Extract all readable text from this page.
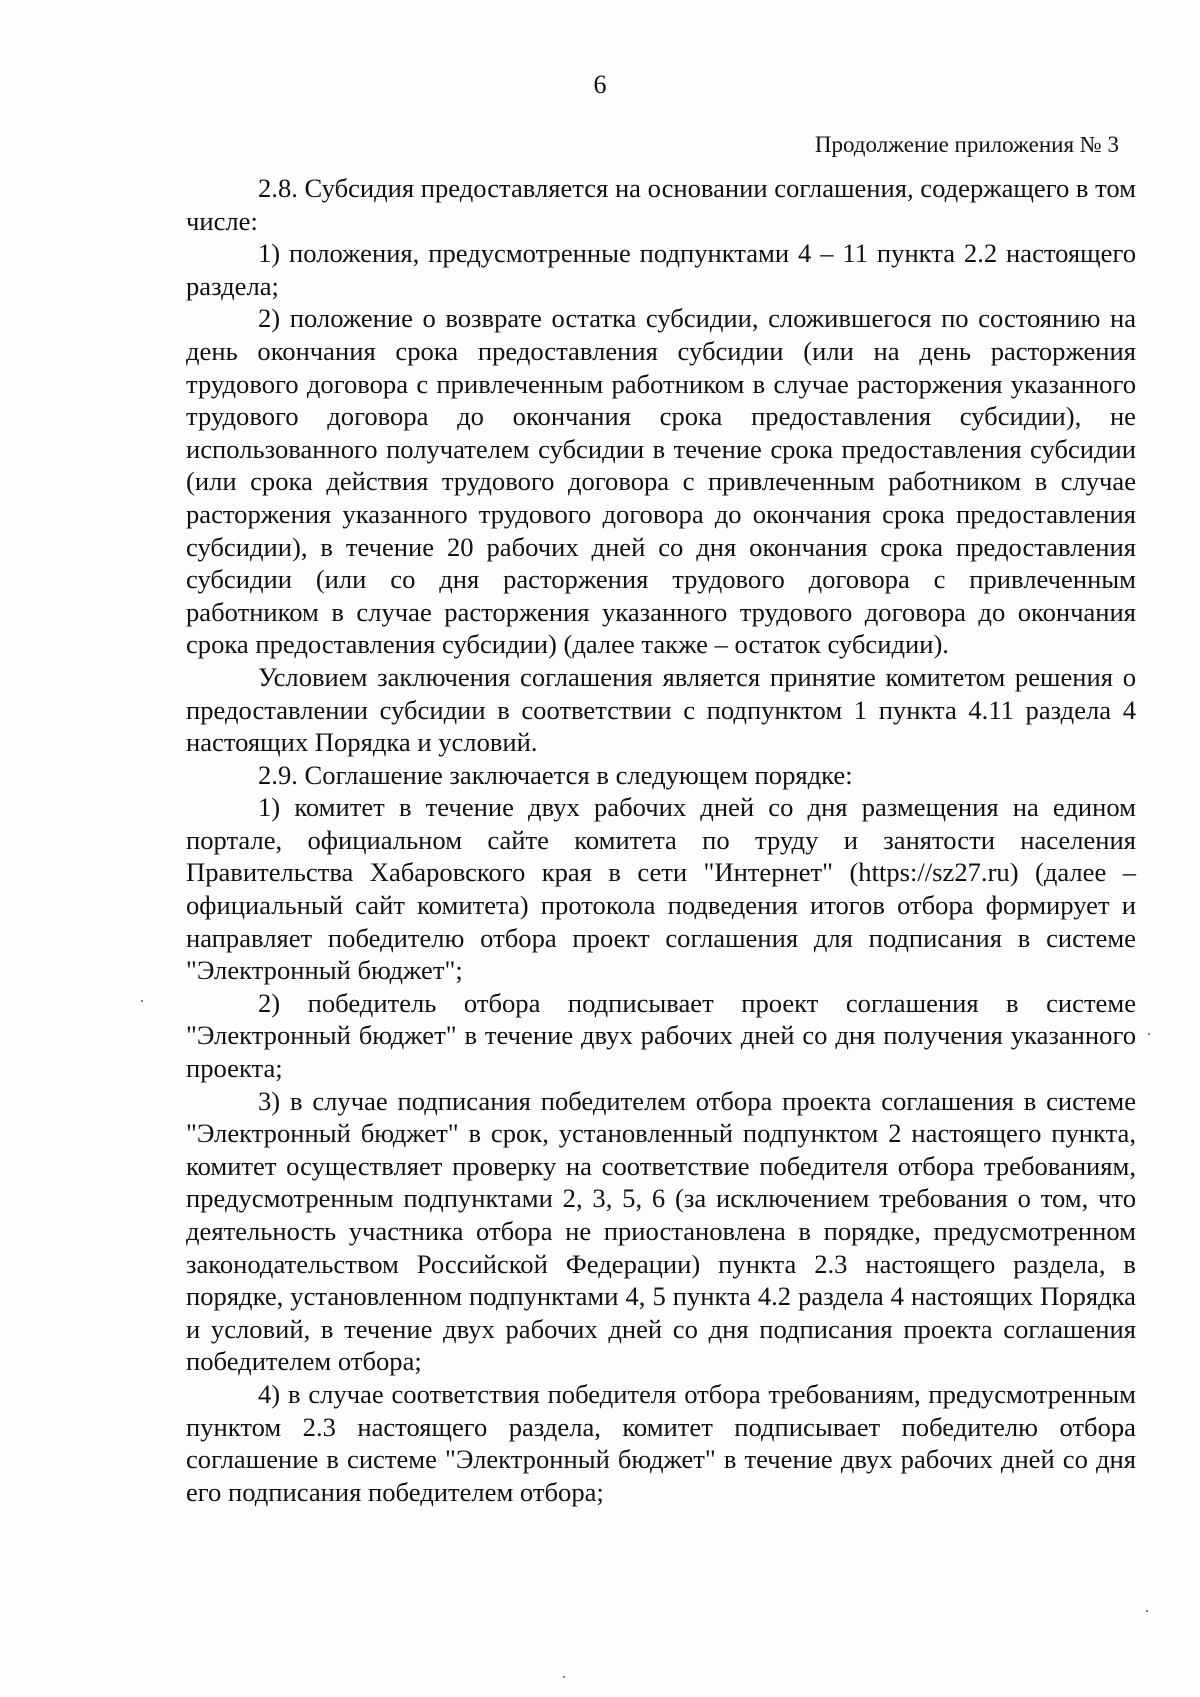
6
Продолжение приложения № 3

2.8. Субсидия предоставляется на основании соглашения, содержащего в том числе:

1) положения, предусмотренные подпунктами 4 – 11 пункта 2.2 настоящего раздела;

2) положение о возврате остатка субсидии, сложившегося по состоянию на день окончания срока предоставления субсидии (или на день расторжения трудового договора с привлеченным работником в случае расторжения указанного трудового договора до окончания срока предоставления субсидии), не использованного получателем субсидии в течение срока предоставления субсидии (или срока действия трудового договора с привлеченным работником в случае расторжения указанного трудового договора до окончания срока предоставления субсидии), в течение 20 рабочих дней со дня окончания срока предоставления субсидии (или со дня расторжения трудового договора с привлеченным работником в случае расторжения указанного трудового договора до окончания срока предоставления субсидии) (далее также – остаток субсидии).

Условием заключения соглашения является принятие комитетом решения о предоставлении субсидии в соответствии с подпунктом 1 пункта 4.11 раздела 4 настоящих Порядка и условий.

2.9. Соглашение заключается в следующем порядке:

1) комитет в течение двух рабочих дней со дня размещения на едином портале, официальном сайте комитета по труду и занятости населения Правительства Хабаровского края в сети "Интернет" (https://sz27.ru) (далее – официальный сайт комитета) протокола подведения итогов отбора формирует и направляет победителю отбора проект соглашения для подписания в системе "Электронный бюджет";

2) победитель отбора подписывает проект соглашения в системе "Электронный бюджет" в течение двух рабочих дней со дня получения указанного проекта;

3) в случае подписания победителем отбора проекта соглашения в системе "Электронный бюджет" в срок, установленный подпунктом 2 настоящего пункта, комитет осуществляет проверку на соответствие победителя отбора требованиям, предусмотренным подпунктами 2, 3, 5, 6 (за исключением требования о том, что деятельность участника отбора не приостановлена в порядке, предусмотренном законодательством Российской Федерации) пункта 2.3 настоящего раздела, в порядке, установленном подпунктами 4, 5 пункта 4.2 раздела 4 настоящих Порядка и условий, в течение двух рабочих дней со дня подписания проекта соглашения победителем отбора;

4) в случае соответствия победителя отбора требованиям, предусмотренным пунктом 2.3 настоящего раздела, комитет подписывает победителю отбора соглашение в системе "Электронный бюджет" в течение двух рабочих дней со дня его подписания победителем отбора;
